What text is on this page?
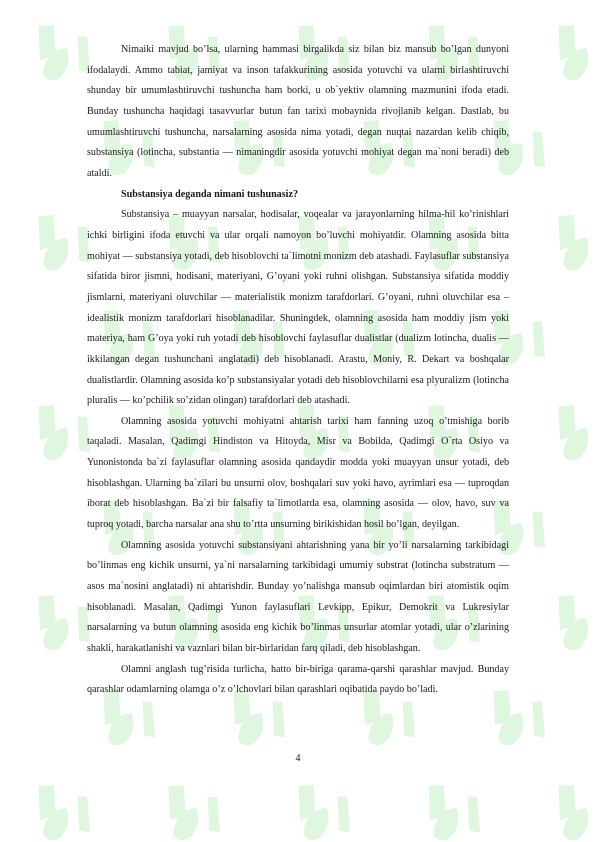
Nimaiki mavjud bo’lsa, ularning hammasi birgalikda siz bilan biz mansub bo’lgan dunyoni ifodalaydi. Ammo tabiat, jamiyat va inson tafakkurining asosida yotuvchi va ularni birlashtiruvchi shunday bir umumlashtiruvchi tushuncha ham borki, u ob`yektiv olamning mazmunini ifoda etadi. Bunday tushuncha haqidagi tasavvurlar butun fan tarixi mobaynida rivojlanib kelgan. Dastlab, bu umumlashtiruvchi tushuncha, narsalarning asosida nima yotadi, degan nuqtai nazardan kelib chiqib, substansiya (lotincha, substantia — nimaningdir asosida yotuvchi mohiyat degan ma`noni beradi) deb ataldi.

Substansiya deganda nimani tushunasiz?

Substansiya – muayyan narsalar, hodisalar, voqealar va jarayonlarning hilma-hil ko’rinishlari ichki birligini ifoda etuvchi va ular orqali namoyon bo’luvchi mohiyatdir. Olamning asosida bitta mohiyat — substansiya yotadi, deb hisoblovchi ta`limotni monizm deb atashadi. Faylasuflar substansiya sifatida biror jismni, hodisani, materiyani, G’oyani yoki ruhni olishgan. Substansiya sifatida moddiy jismlarni, materiyani oluvchilar — materialistik monizm tarafdorlari. G’oyani, ruhni oluvchilar esa – idealistik monizm tarafdorlari hisoblanadilar. Shuningdek, olamning asosida ham moddiy jism yoki materiya, ham G’oya yoki ruh yotadi deb hisoblovchi faylasuflar dualistlar (dualizm lotincha, dualis — ikkilangan degan tushunchani anglatadi) deb hisoblanadi. Arastu, Moniy, R. Dekart va boshqalar dualistlardir. Olamning asosida ko’p substansiyalar yotadi deb hisoblovchilarni esa plyuralizm (lotincha pluralis — ko’pchilik so’zidan olingan) tarafdorlari deb atashadi.

Olamning asosida yotuvchi mohiyatni ahtarish tarixi ham fanning uzoq o’tmishiga borib taqaladi. Masalan, Qadimgi Hindiston va Hitoyda, Misr va Bobilda, Qadimgi O`rta Osiyo va Yunonistonda ba`zi faylasuflar olamning asosida qandaydir modda yoki muayyan unsur yotadi, deb hisoblashgan. Ularning ba`zilari bu unsurni olov, boshqalari suv yoki havo, ayrimlari esa — tuproqdan iborat deb hisoblashgan. Ba`zi bir falsafiy ta`limotlarda esa, olamning asosida — olov, havo, suv va tuproq yotadi, barcha narsalar ana shu to’rtta unsurning birikishidan hosil bo’lgan, deyilgan.

Olamning asosida yotuvchi substansiyani ahtarishning yana bir yo’li narsalarning tarkibidagi bo’linmas eng kichik unsurni, ya`ni narsalarning tarkibidagi umumiy substrat (lotincha substratum — asos ma`nosini anglatadi) ni ahtarishdir. Bunday yo’nalishga mansub oqimlardan biri atomistik oqim hisoblanadi. Masalan, Qadimgi Yunon faylasuflari Levkipp, Epikur, Demokrit va Lukresiylar narsalarning va butun olamning asosida eng kichik bo’linmas unsurlar atomlar yotadi, ular o’zlarining shakli, harakatlanishi va vaznlari bilan bir-birlaridan farq qiladi, deb hisoblashgan.

Olamni anglash tug’risida turlicha, hatto bir-biriga qarama-qarshi qarashlar mavjud. Bunday qarashlar odamlarning olamga o’z o’lchovlari bilan qarashlari oqibatida paydo bo’ladi.

4
